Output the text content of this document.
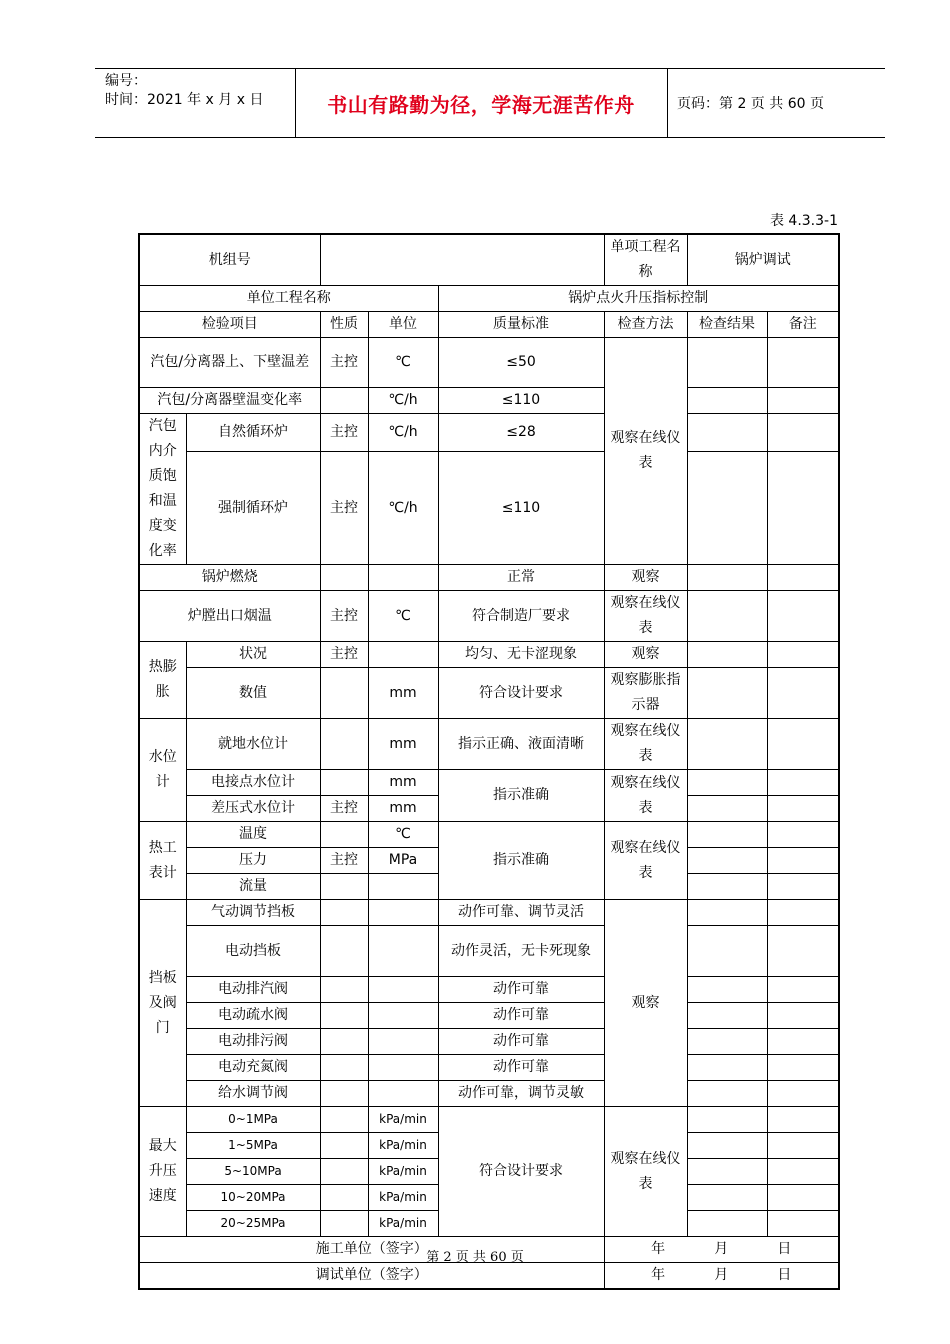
编号：
时间：2021 年 x 月 x 日	书山有路勤为径，学海无涯苦作舟	页码：第 2 页 共 60 页
表 4.3.3-1
机组号					单项工程名称	锅炉调试	
单位工程名称				锅炉点火升压指标控制			
检验项目		性质	单位	质量标准	检查方法	检查结果	备注
汽包/分离器上、下壁温差		主控	℃	≤50	观察在线仪表		
汽包/分离器壁温变化率			℃/h	≤110			
汽包内介质饱和温度变化率	自然循环炉	主控	℃/h	≤28			
	强制循环炉	主控	℃/h	≤110			
锅炉燃烧				正常	观察		
炉膛出口烟温		主控	℃	符合制造厂要求	观察在线仪表		
热膨胀	状况	主控		均匀、无卡涩现象	观察		
	数值		mm	符合设计要求	观察膨胀指示器		
水位计	就地水位计		mm	指示正确、液面清晰	观察在线仪表		
	电接点水位计		mm	指示准确	观察在线仪表		
	差压式水位计	主控	mm				
热工表计	温度		℃	指示准确	观察在线仪表		
	压力	主控	MPa				
	流量						
挡板及阀门	气动调节挡板			动作可靠、调节灵活	观察		
	电动挡板			动作灵活，无卡死现象			
	电动排汽阀			动作可靠			
	电动疏水阀			动作可靠			
	电动排污阀			动作可靠			
	电动充氮阀			动作可靠			
	给水调节阀			动作可靠，调节灵敏			
最大升压速度	0~1MPa		kPa/min	符合设计要求	观察在线仪表		
	1~5MPa		kPa/min				
	5~10MPa		kPa/min				
	10~20MPa		kPa/min				
	20~25MPa		kPa/min				
施工单位（签字）					年 月 日		

调试单位（签字）					年 月 日		
第 2 页 共 60 页
